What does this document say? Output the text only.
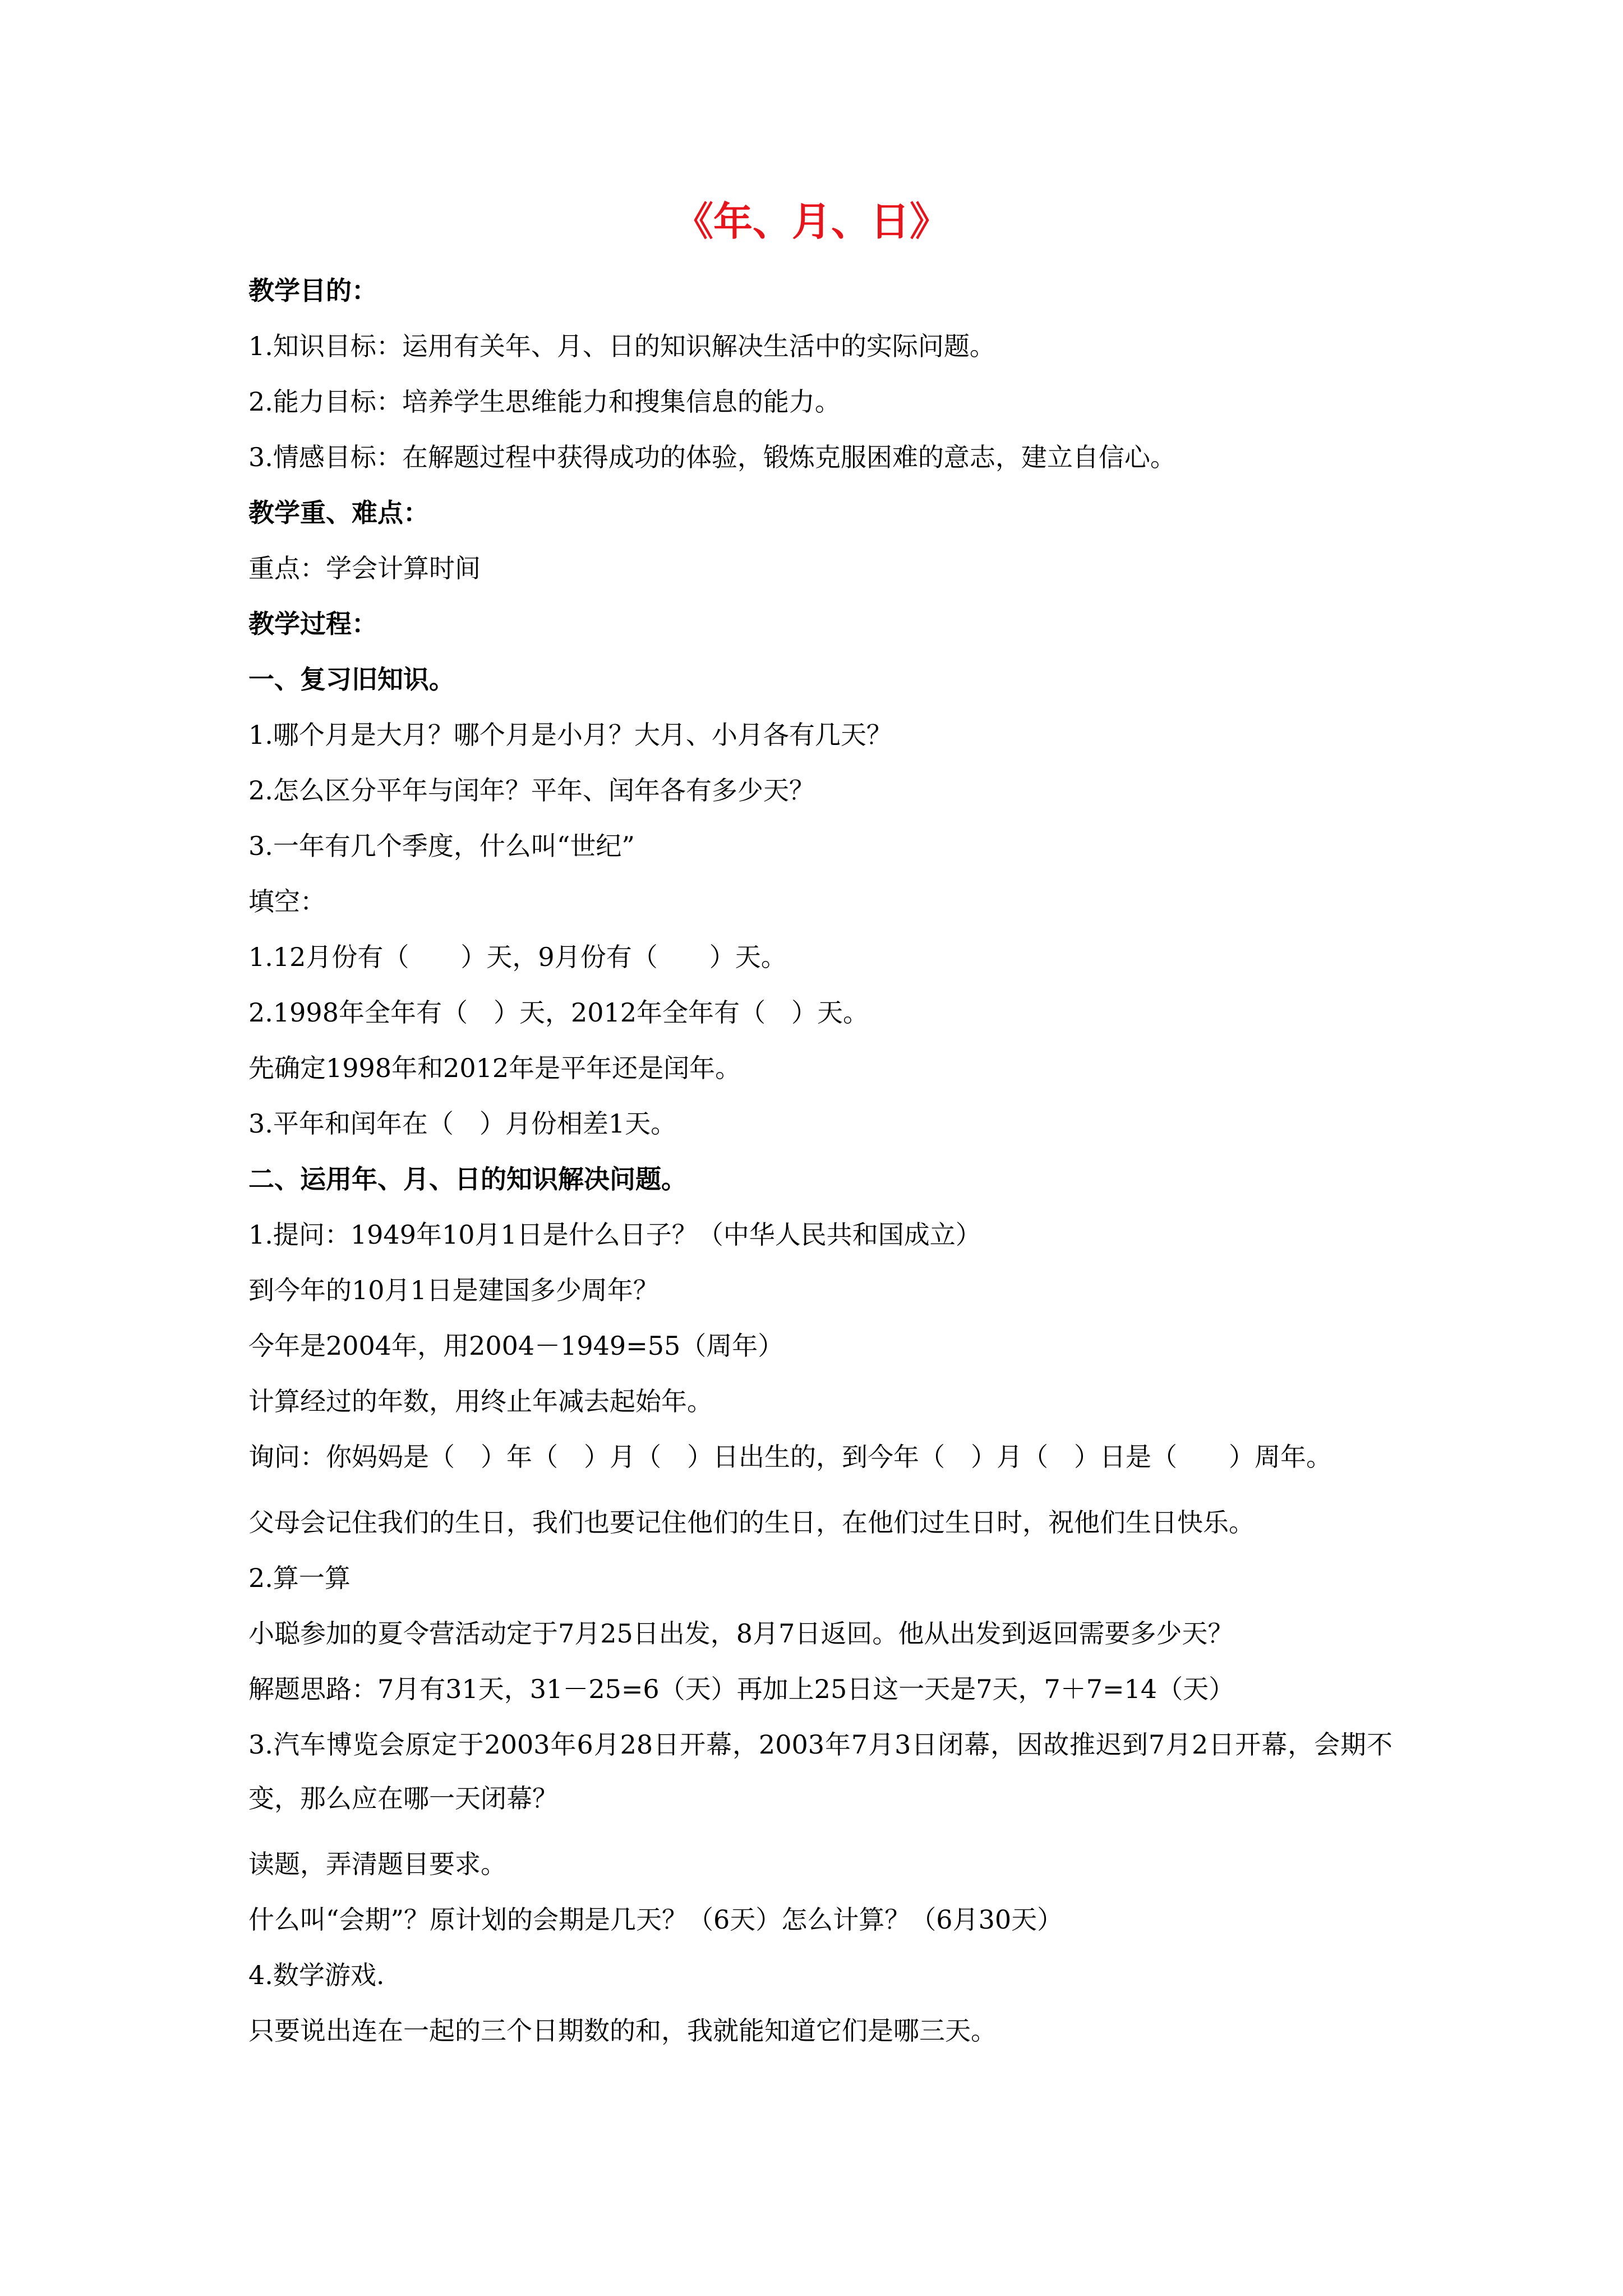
《年、月、日》

教学目的：

1.知识目标：运用有关年、月、日的知识解决生活中的实际问题。

2.能力目标：培养学生思维能力和搜集信息的能力。

3.情感目标：在解题过程中获得成功的体验，锻炼克服困难的意志，建立自信心。

教学重、难点：

重点：学会计算时间

教学过程：

一、复习旧知识。

1.哪个月是大月？哪个月是小月？大月、小月各有几天？

2.怎么区分平年与闰年？平年、闰年各有多少天？

3.一年有几个季度，什么叫“世纪”

填空：

1.12月份有（　　）天，9月份有（　　）天。

2.1998年全年有（　）天，2012年全年有（　）天。

先确定1998年和2012年是平年还是闰年。

3.平年和闰年在（　）月份相差1天。

二、运用年、月、日的知识解决问题。

1.提问：1949年10月1日是什么日子？（中华人民共和国成立）

到今年的10月1日是建国多少周年？

今年是2004年，用2004－1949=55（周年）

计算经过的年数，用终止年减去起始年。

询问：你妈妈是（　）年（　）月（　）日出生的，到今年（　）月（　）日是（　　）周年。

父母会记住我们的生日，我们也要记住他们的生日，在他们过生日时，祝他们生日快乐。

2.算一算

小聪参加的夏令营活动定于7月25日出发，8月7日返回。他从出发到返回需要多少天？

解题思路：7月有31天，31－25=6（天）再加上25日这一天是7天，7＋7=14（天）

3.汽车博览会原定于2003年6月28日开幕，2003年7月3日闭幕，因故推迟到7月2日开幕，会期不变，那么应在哪一天闭幕？

读题，弄清题目要求。

什么叫“会期”？原计划的会期是几天？（6天）怎么计算？（6月30天）

4.数学游戏.

只要说出连在一起的三个日期数的和，我就能知道它们是哪三天。
